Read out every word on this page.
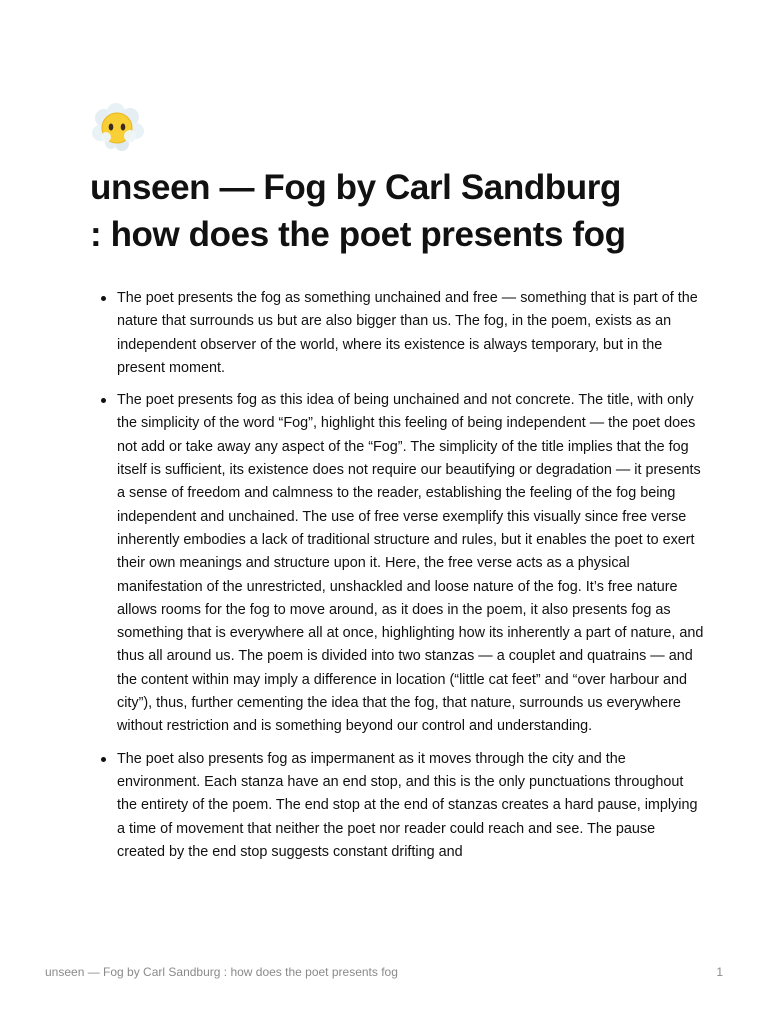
unseen — Fog by Carl Sandburg
: how does the poet presents fog
The poet presents the fog as something unchained and free — something that is part of the nature that surrounds us but are also bigger than us. The fog, in the poem, exists as an independent observer of the world, where its existence is always temporary, but in the present moment.
The poet presents fog as this idea of being unchained and not concrete. The title, with only the simplicity of the word “Fog”, highlight this feeling of being independent — the poet does not add or take away any aspect of the “Fog”. The simplicity of the title implies that the fog itself is sufficient, its existence does not require our beautifying or degradation — it presents a sense of freedom and calmness to the reader, establishing the feeling of the fog being independent and unchained. The use of free verse exemplify this visually since free verse inherently embodies a lack of traditional structure and rules, but it enables the poet to exert their own meanings and structure upon it. Here, the free verse acts as a physical manifestation of the unrestricted, unshackled and loose nature of the fog. It’s free nature allows rooms for the fog to move around, as it does in the poem, it also presents fog as something that is everywhere all at once, highlighting how its inherently a part of nature, and thus all around us. The poem is divided into two stanzas — a couplet and quatrains — and the content within may imply a difference in location (“little cat feet” and “over harbour and city”), thus, further cementing the idea that the fog, that nature, surrounds us everywhere without restriction and is something beyond our control and understanding.
The poet also presents fog as impermanent as it moves through the city and the environment. Each stanza have an end stop, and this is the only punctuations throughout the entirety of the poem. The end stop at the end of stanzas creates a hard pause, implying a time of movement that neither the poet nor reader could reach and see. The pause created by the end stop suggests constant drifting and
unseen — Fog by Carl Sandburg : how does the poet presents fog	1
